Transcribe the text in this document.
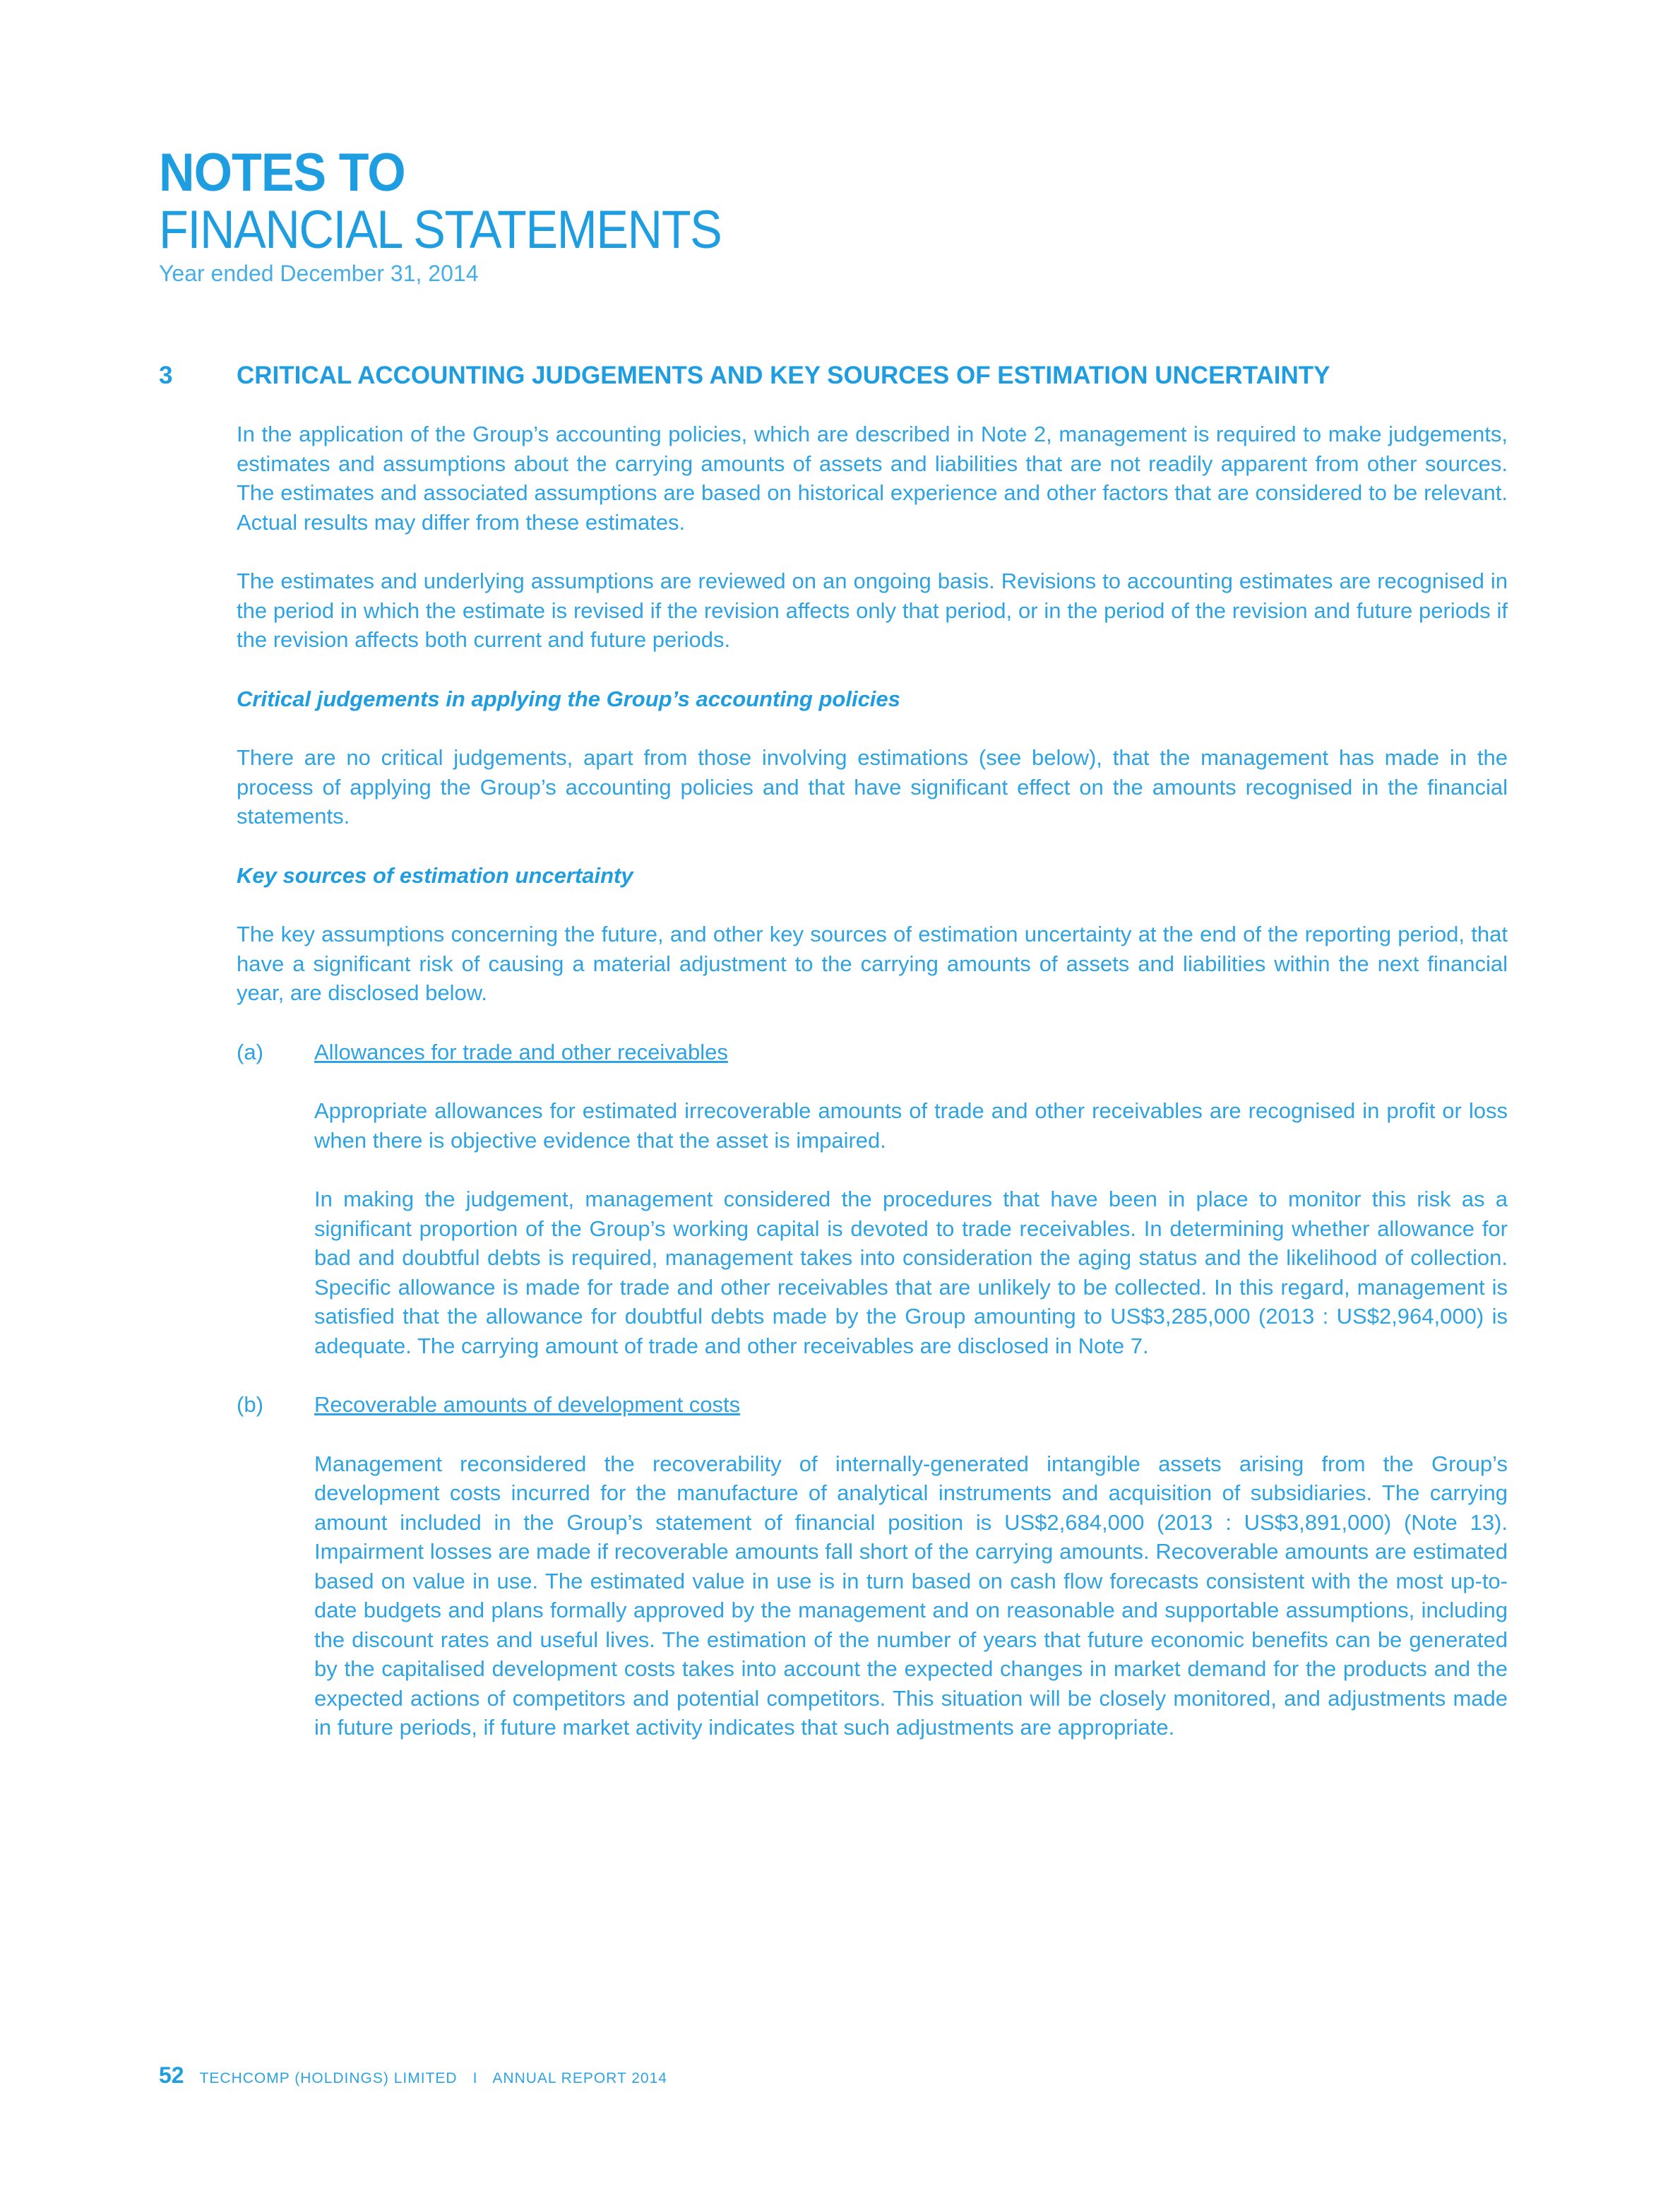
NOTES TO
FINANCIAL STATEMENTS
Year ended December 31, 2014
3	CRITICAL ACCOUNTING JUDGEMENTS AND KEY SOURCES OF ESTIMATION UNCERTAINTY

In the application of the Group’s accounting policies, which are described in Note 2, management is required to make judgements, estimates and assumptions about the carrying amounts of assets and liabilities that are not readily apparent from other sources. The estimates and associated assumptions are based on historical experience and other factors that are considered to be relevant. Actual results may differ from these estimates.

The estimates and underlying assumptions are reviewed on an ongoing basis. Revisions to accounting estimates are recognised in the period in which the estimate is revised if the revision affects only that period, or in the period of the revision and future periods if the revision affects both current and future periods.

Critical judgements in applying the Group’s accounting policies

There are no critical judgements, apart from those involving estimations (see below), that the management has made in the process of applying the Group’s accounting policies and that have significant effect on the amounts recognised in the financial statements.

Key sources of estimation uncertainty

The key assumptions concerning the future, and other key sources of estimation uncertainty at the end of the reporting period, that have a significant risk of causing a material adjustment to the carrying amounts of assets and liabilities within the next financial year, are disclosed below.

(a)	Allowances for trade and other receivables

Appropriate allowances for estimated irrecoverable amounts of trade and other receivables are recognised in profit or loss when there is objective evidence that the asset is impaired.

In making the judgement, management considered the procedures that have been in place to monitor this risk as a significant proportion of the Group’s working capital is devoted to trade receivables. In determining whether allowance for bad and doubtful debts is required, management takes into consideration the aging status and the likelihood of collection. Specific allowance is made for trade and other receivables that are unlikely to be collected. In this regard, management is satisfied that the allowance for doubtful debts made by the Group amounting to US$3,285,000 (2013 : US$2,964,000) is adequate. The carrying amount of trade and other receivables are disclosed in Note 7.

(b)	Recoverable amounts of development costs

Management reconsidered the recoverability of internally-generated intangible assets arising from the Group’s development costs incurred for the manufacture of analytical instruments and acquisition of subsidiaries. The carrying amount included in the Group’s statement of financial position is US$2,684,000 (2013 : US$3,891,000) (Note 13). Impairment losses are made if recoverable amounts fall short of the carrying amounts. Recoverable amounts are estimated based on value in use. The estimated value in use is in turn based on cash flow forecasts consistent with the most up-to-date budgets and plans formally approved by the management and on reasonable and supportable assumptions, including the discount rates and useful lives. The estimation of the number of years that future economic benefits can be generated by the capitalised development costs takes into account the expected changes in market demand for the products and the expected actions of competitors and potential competitors. This situation will be closely monitored, and adjustments made in future periods, if future market activity indicates that such adjustments are appropriate.

52 TECHCOMP (HOLDINGS) LIMITED I ANNUAL REPORT 2014
